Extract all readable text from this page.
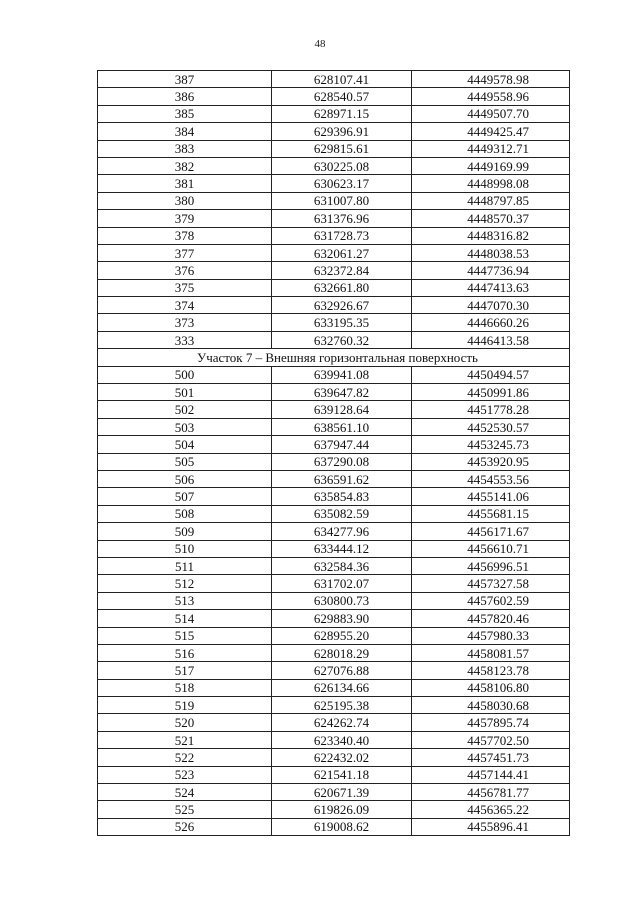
48
387	628107.41	4449578.98
386	628540.57	4449558.96
385	628971.15	4449507.70
384	629396.91	4449425.47
383	629815.61	4449312.71
382	630225.08	4449169.99
381	630623.17	4448998.08
380	631007.80	4448797.85
379	631376.96	4448570.37
378	631728.73	4448316.82
377	632061.27	4448038.53
376	632372.84	4447736.94
375	632661.80	4447413.63
374	632926.67	4447070.30
373	633195.35	4446660.26
333	632760.32	4446413.58
Участок 7 – Внешняя горизонтальная поверхность		
500	639941.08	4450494.57
501	639647.82	4450991.86
502	639128.64	4451778.28
503	638561.10	4452530.57
504	637947.44	4453245.73
505	637290.08	4453920.95
506	636591.62	4454553.56
507	635854.83	4455141.06
508	635082.59	4455681.15
509	634277.96	4456171.67
510	633444.12	4456610.71
511	632584.36	4456996.51
512	631702.07	4457327.58
513	630800.73	4457602.59
514	629883.90	4457820.46
515	628955.20	4457980.33
516	628018.29	4458081.57
517	627076.88	4458123.78
518	626134.66	4458106.80
519	625195.38	4458030.68
520	624262.74	4457895.74
521	623340.40	4457702.50
522	622432.02	4457451.73
523	621541.18	4457144.41
524	620671.39	4456781.77
525	619826.09	4456365.22
526	619008.62	4455896.41
